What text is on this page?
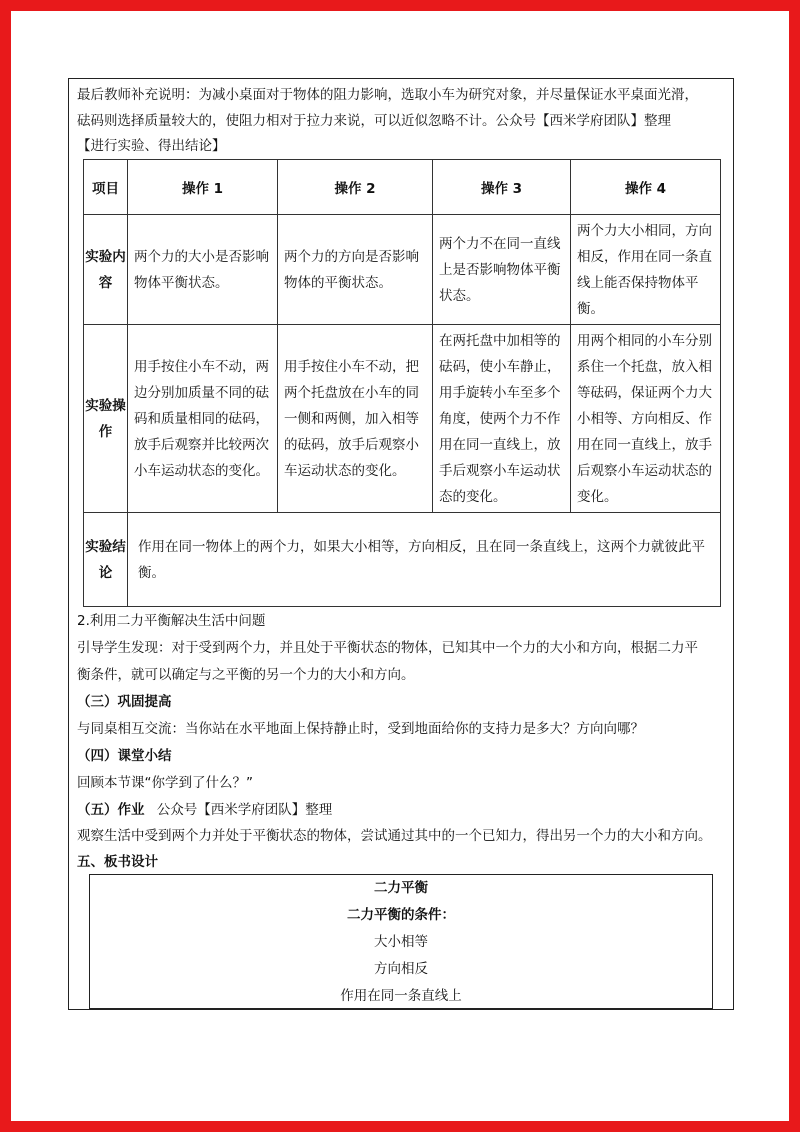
最后教师补充说明：为减小桌面对于物体的阻力影响，选取小车为研究对象，并尽量保证水平桌面光滑，
砝码则选择质量较大的，使阻力相对于拉力来说，可以近似忽略不计。公众号【西米学府团队】整理
【进行实验、得出结论】
项目	操作 1	操作 2	操作 3	操作 4
实验内容	两个力的大小是否影响物体平衡状态。	两个力的方向是否影响物体的平衡状态。	两个力不在同一直线上是否影响物体平衡状态。	两个力大小相同，方向相反，作用在同一条直线上能否保持物体平衡。
实验操作	用手按住小车不动，两边分别加质量不同的砝码和质量相同的砝码，放手后观察并比较两次小车运动状态的变化。	用手按住小车不动，把两个托盘放在小车的同一侧和两侧，加入相等的砝码，放手后观察小车运动状态的变化。	在两托盘中加相等的砝码，使小车静止，用手旋转小车至多个角度，使两个力不作用在同一直线上，放手后观察小车运动状态的变化。	用两个相同的小车分别系住一个托盘，放入相等砝码，保证两个力大小相等、方向相反、作用在同一直线上，放手后观察小车运动状态的变化。
实验结论	作用在同一物体上的两个力，如果大小相等，方向相反，且在同一条直线上，这两个力就彼此平衡。			
2.利用二力平衡解决生活中问题
引导学生发现：对于受到两个力，并且处于平衡状态的物体，已知其中一个力的大小和方向，根据二力平
衡条件，就可以确定与之平衡的另一个力的大小和方向。
（三）巩固提高
与同桌相互交流：当你站在水平地面上保持静止时，受到地面给你的支持力是多大？方向向哪？
（四）课堂小结
回顾本节课“你学到了什么？”
（五）作业 公众号【西米学府团队】整理
观察生活中受到两个力并处于平衡状态的物体，尝试通过其中的一个已知力，得出另一个力的大小和方向。
五、板书设计
二力平衡
二力平衡的条件：
大小相等
方向相反
作用在同一条直线上
